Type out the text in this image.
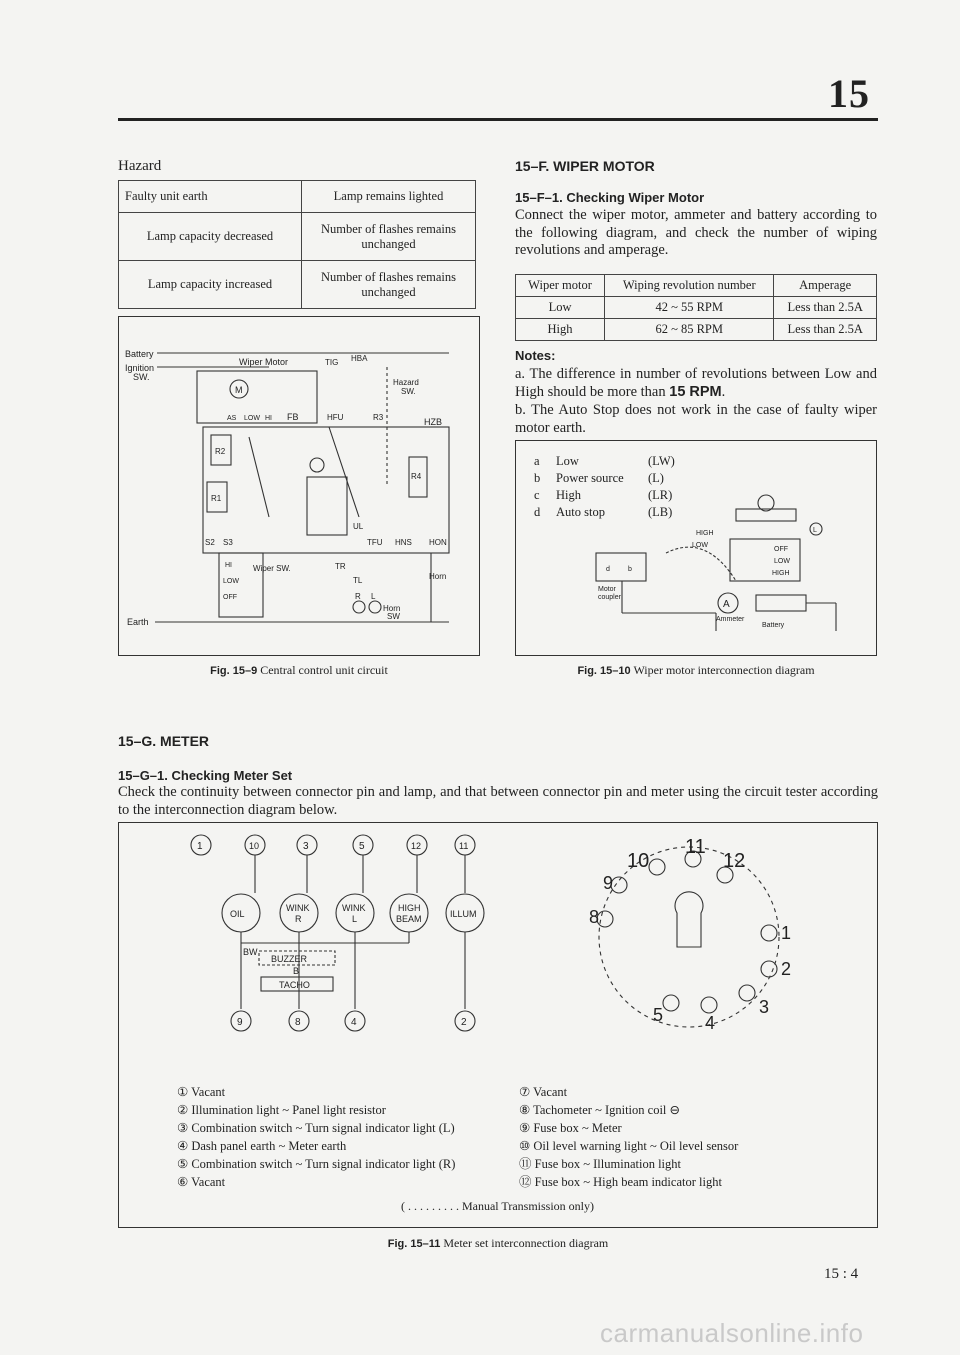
15
Hazard
Faulty unit earth	Lamp remains lighted
Lamp capacity decreased	Number of flashes remains unchanged
Lamp capacity increased	Number of flashes remains unchanged
Battery
Ignition
SW.
Wiper Motor	TIG HBA
M
Hazard
SW.
AS LOW HI FB	HFU	R3	HZB
R2
R1
R4
UL
S2 S3	TFU HNS HON
HI
LOW
OFF
Wiper SW.	TR
TL
R L
Horn
SW
Horn
Earth
Fig. 15–9 Central control unit circuit
15–F. WIPER MOTOR
15–F–1. Checking Wiper Motor
Connect the wiper motor, ammeter and battery according to the following diagram, and check the number of wiping revolutions and amperage.
Wiper motor	Wiping revolution number	Amperage
Low	42 ~ 55 RPM	Less than 2.5A
High	62 ~ 85 RPM	Less than 2.5A
Notes:
a. The difference in number of revolutions between Low and High should be more than 15 RPM.
b. The Auto Stop does not work in the case of faulty wiper motor earth.
a Low	(LW)
b Power source (L)
c High	(LR)
d Auto stop	(LB)
HIGH
LOW
d	b
Motor
coupler
A
Ammeter
Battery
OFF
LOW
HIGH
L
Fig. 15–10 Wiper motor interconnection diagram
15–G. METER
15–G–1. Checking Meter Set
Check the continuity between connector pin and lamp, and that between connector pin and meter using the circuit tester according to the interconnection diagram below.
1	10	3	5	12	11
OIL
WINK
R
WINK
L
HIGH
BEAM	ILLUM
BW
BUZZER
B
TACHO
9	8	4	2
10
11
12
9
8
1
2
5 4
3
① Vacant
② Illumination light ~ Panel light resistor
③ Combination switch ~ Turn signal indicator light (L)
④ Dash panel earth ~ Meter earth
⑤ Combination switch ~ Turn signal indicator light (R)
⑥ Vacant
⑦ Vacant
⑧ Tachometer ~ Ignition coil ⊖
⑨ Fuse box ~ Meter
⑩ Oil level warning light ~ Oil level sensor
⑪ Fuse box ~ Illumination light
⑫ Fuse box ~ High beam indicator light
( . . . . . . . . . Manual Transmission only)
Fig. 15–11 Meter set interconnection diagram
15 : 4
carmanualsonline.info
